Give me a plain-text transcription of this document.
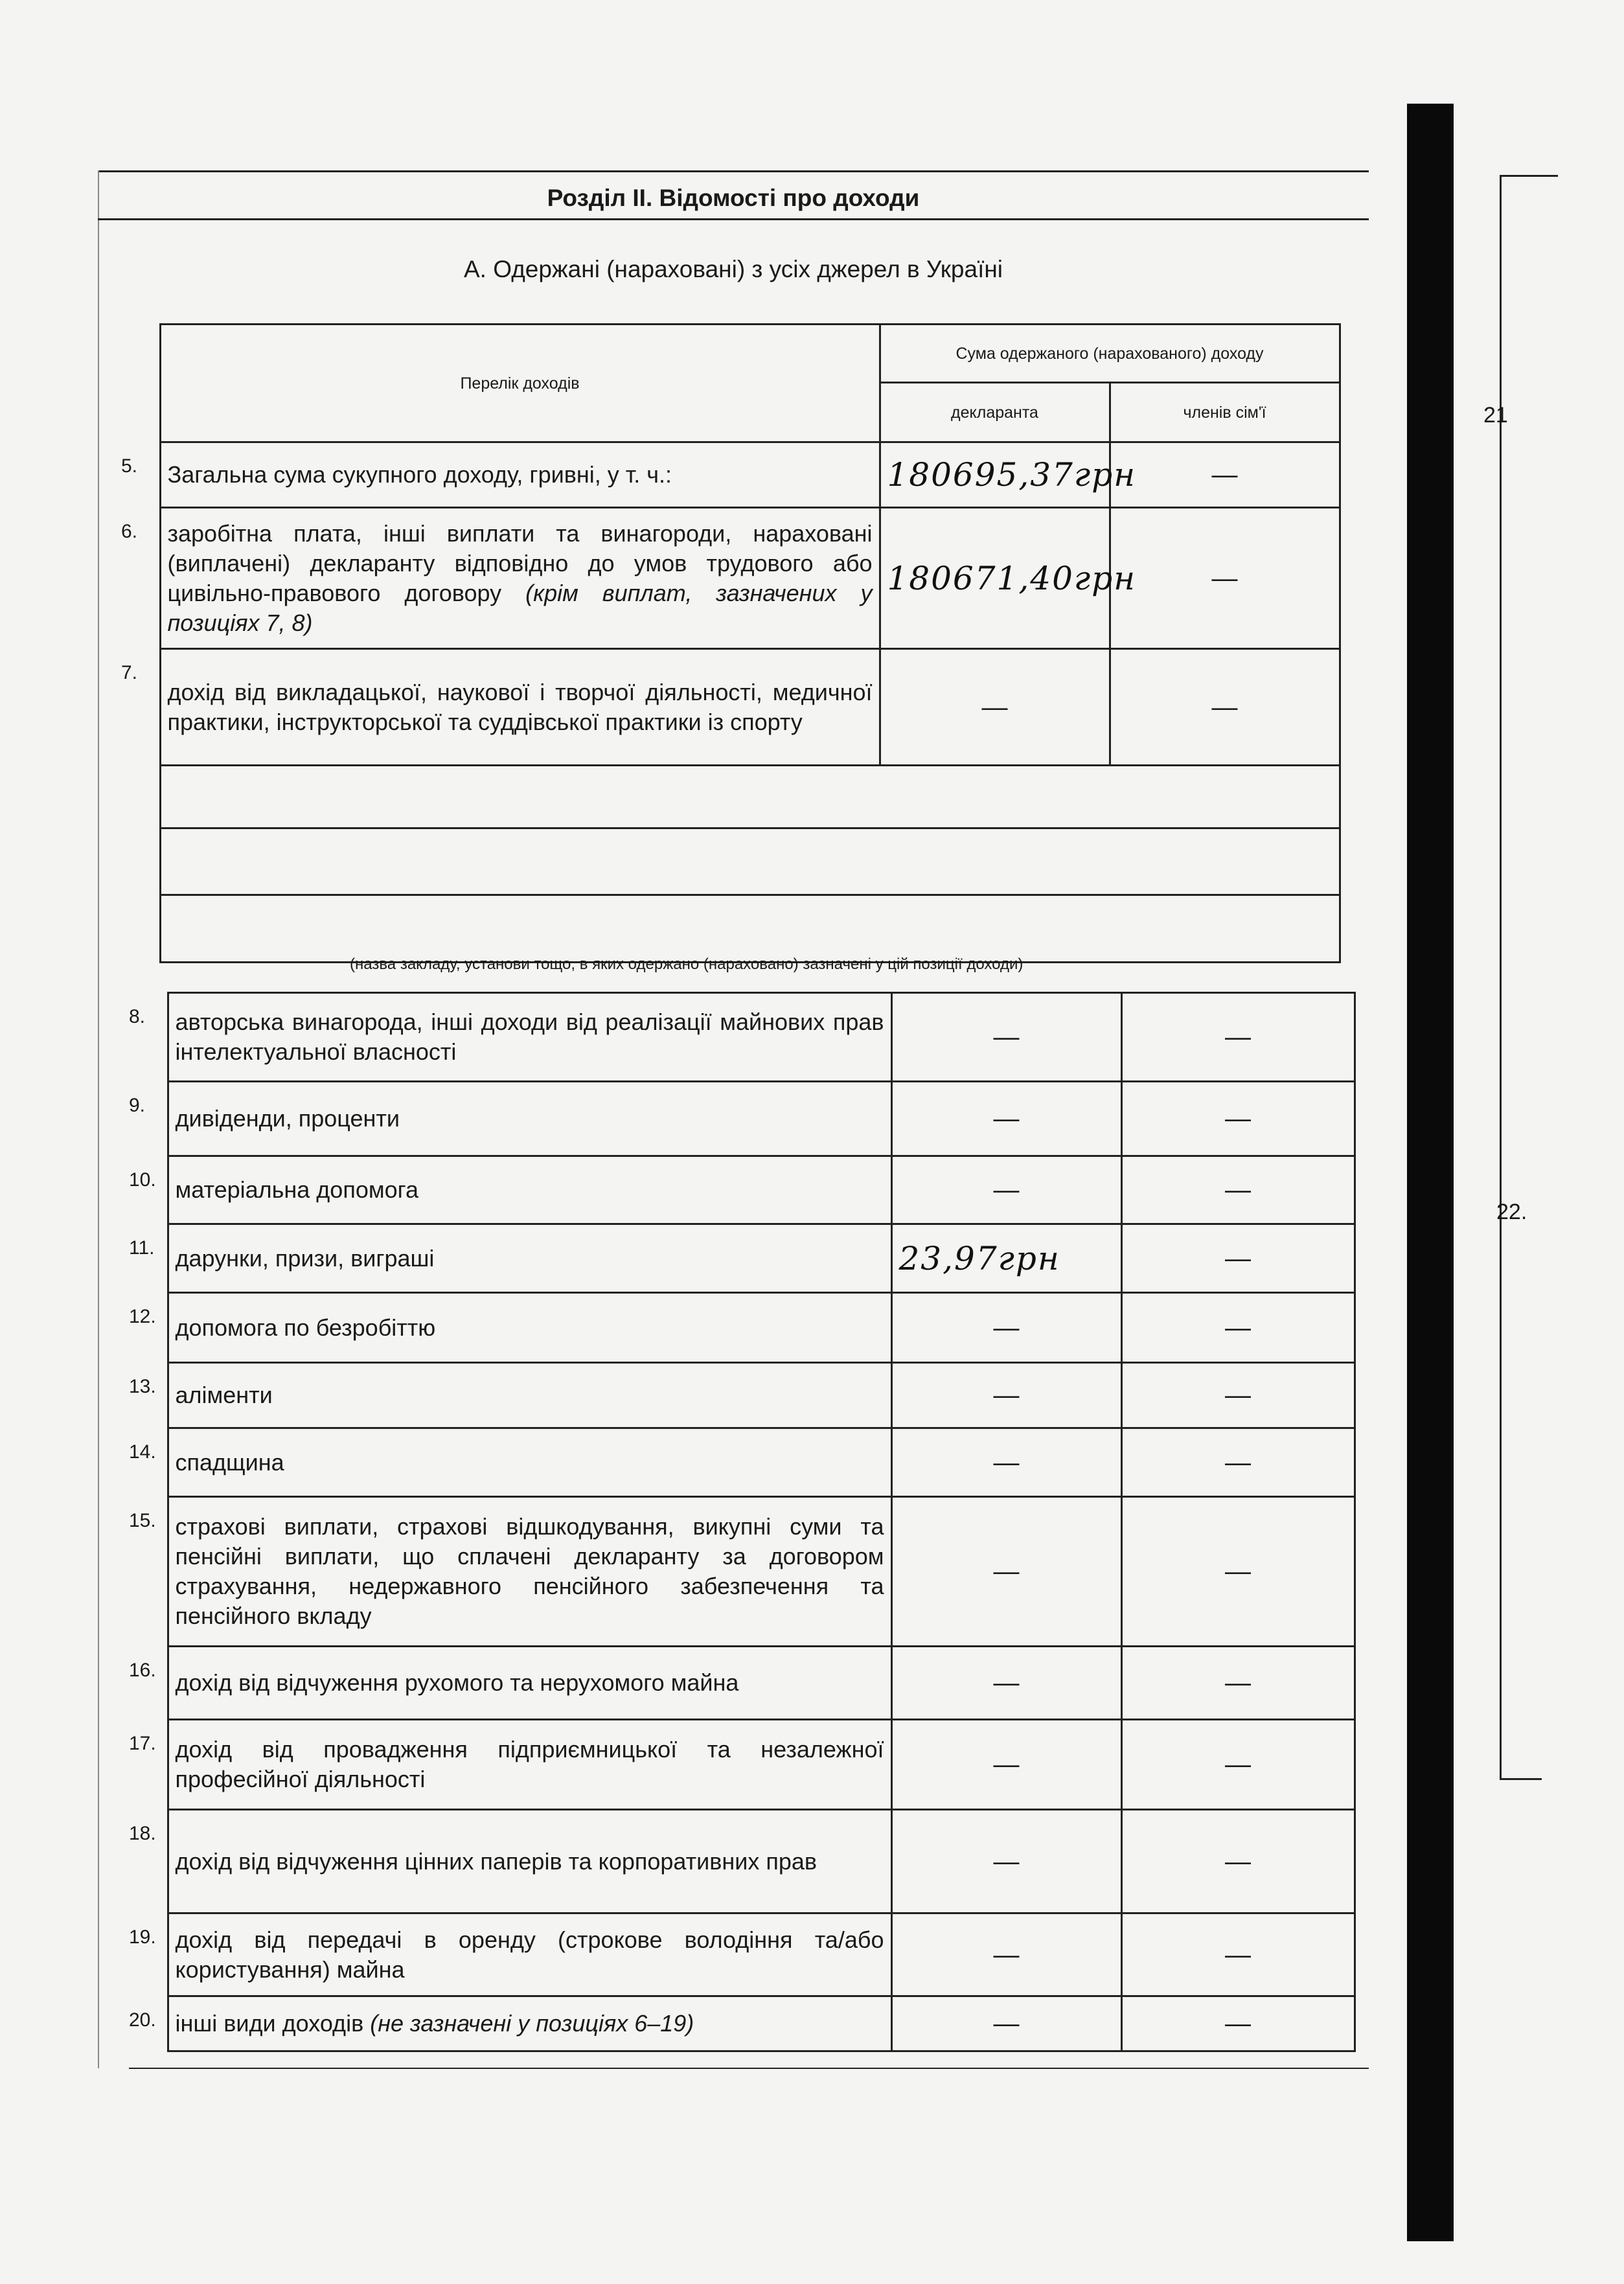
Розділ ІІ. Відомості про доходи
А. Одержані (нараховані) з усіх джерел в Україні
	Перелік доходів	Сума одержаного (нарахованого) доходу	
		декларанта	членів сім'ї
5.	Загальна сума сукупного доходу, гривні, у т. ч.:	180695,37грн	—
6.	заробітна плата, інші виплати та винагороди, нараховані (виплачені) декларанту відповідно до умов трудового або цивільно-правового договору (крім виплат, зазначених у позиціях 7, 8)	180671,40грн	—
7.	дохід від викладацької, наукової і творчої діяльності, медичної практики, інструкторської та суддівської практики із спорту	—	—

(назва закладу, установи тощо, в яких одержано (нараховано) зазначені у цій позиції доходи)
8.	авторська винагорода, інші доходи від реалізації майнових прав інтелектуальної власності	—	—
9.	дивіденди, проценти	—	—
10.	матеріальна допомога	—	—
11.	дарунки, призи, виграші	23,97грн	—
12.	допомога по безробіттю	—	—
13.	аліменти	—	—
14.	спадщина	—	—
15.	страхові виплати, страхові відшкодування, викупні суми та пенсійні виплати, що сплачені декларанту за договором страхування, недержавного пенсійного забезпечення та пенсійного вкладу	—	—
16.	дохід від відчуження рухомого та нерухомого майна	—	—
17.	дохід від провадження підприємницької та незалежної професійної діяльності	—	—
18.	дохід від відчуження цінних паперів та корпоративних прав	—	—
19.	дохід від передачі в оренду (строкове володіння та/або користування) майна	—	—
20.	інші види доходів (не зазначені у позиціях 6–19)	—	—
21
22.
